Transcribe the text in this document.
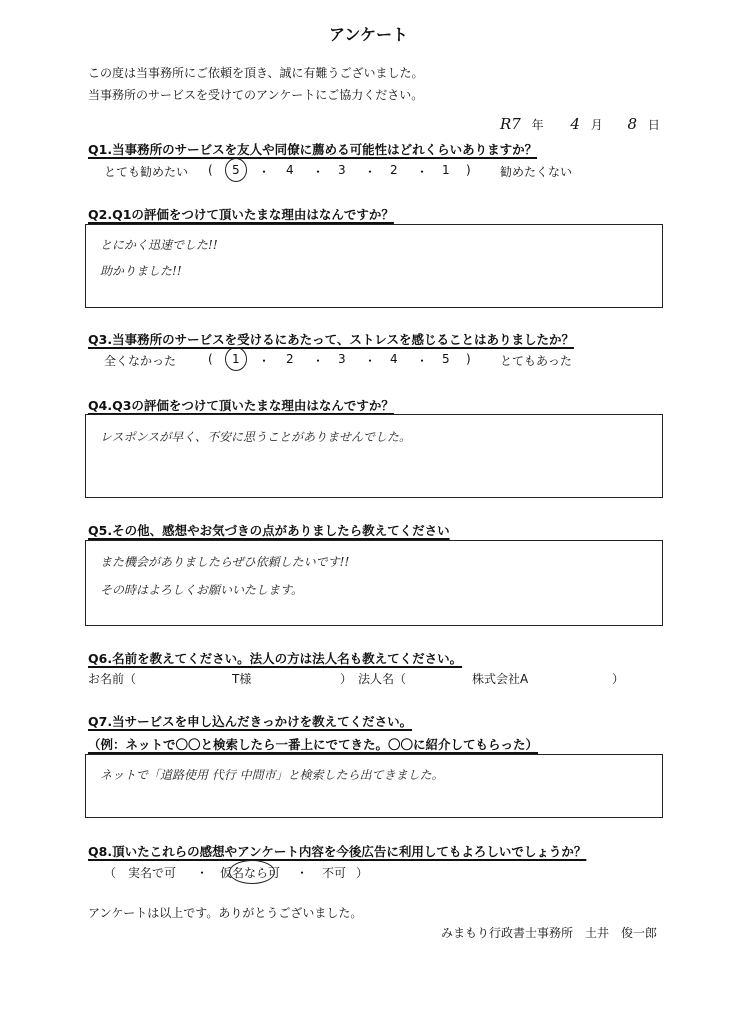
アンケート
この度は当事務所にご依頼を頂き、誠に有難うございました。
当事務所のサービスを受けてのアンケートにご協力ください。
R7 年 4 月 8 日
Q1.当事務所のサービスを友人や同僚に薦める可能性はどれくらいありますか？
とても勧めたい ( 5 ・ 4 ・ 3 ・ 2 ・ 1 ) 勧めたくない
Q2.Q1の評価をつけて頂いたまな理由はなんですか？
とにかく迅速でした!!
助かりました!!
Q3.当事務所のサービスを受けるにあたって、ストレスを感じることはありましたか？
全くなかった	( 1 ・ 2 ・ 3 ・ 4 ・ 5 ) とてもあった
Q4.Q3の評価をつけて頂いたまな理由はなんですか？
レスポンスが早く、不安に思うことがありませんでした。
Q5.その他、感想やお気づきの点がありましたら教えてください
また機会がありましたらぜひ依頼したいです!!
その時はよろしくお願いいたします。
Q6.名前を教えてください。法人の方は法人名も教えてください。
お名前（	T様	） 法人名（	株式会社A	）
Q7.当サービスを申し込んだきっかけを教えてください。
（例：ネットで〇〇と検索したら一番上にでてきた。〇〇に紹介してもらった）
ネットで「道路使用 代行 中間市」と検索したら出てきました。
Q8.頂いたこれらの感想やアンケート内容を今後広告に利用してもよろしいでしょうか？
（ 実名で可 ・ 仮名なら可 ・ 不可 ）
アンケートは以上です。ありがとうございました。
みまもり行政書士事務所　土井　俊一郎
